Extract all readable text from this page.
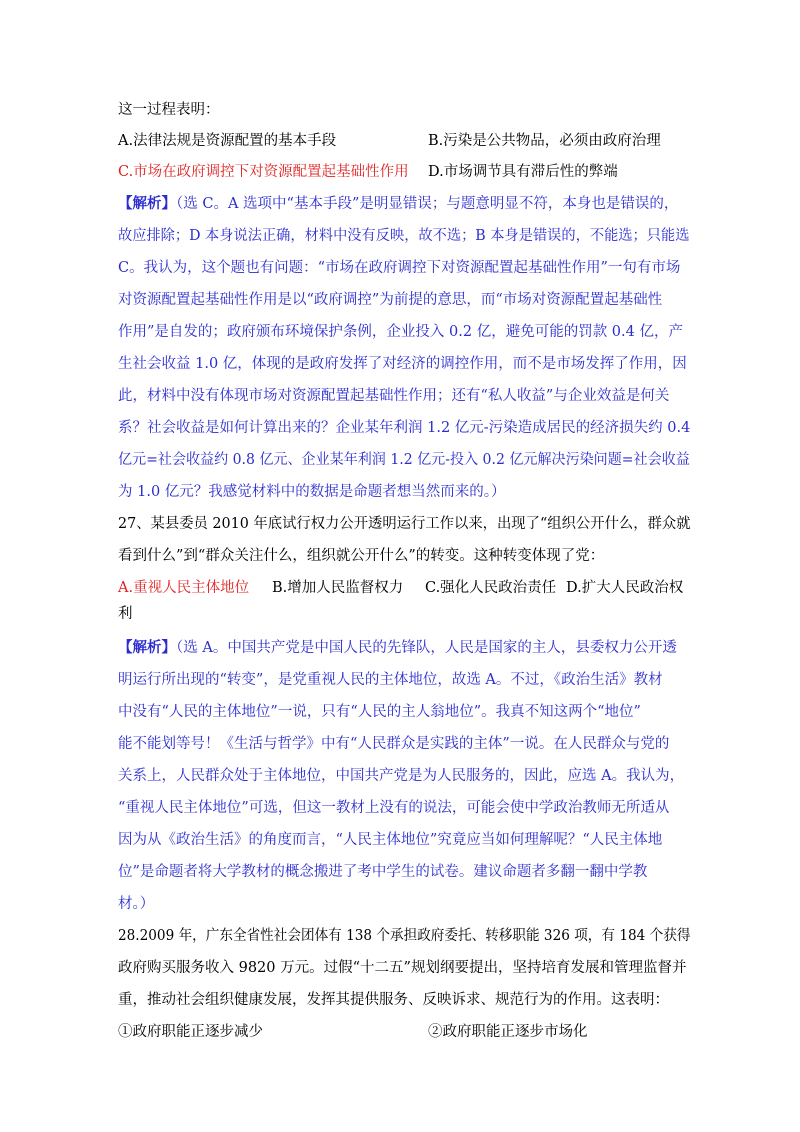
这一过程表明：
A.法律法规是资源配置的基本手段	B.污染是公共物品，必须由政府治理
C.市场在政府调控下对资源配置起基础性作用 D.市场调节具有滞后性的弊端
【解析】（选 C。A 选项中“基本手段”是明显错误；与题意明显不符，本身也是错误的，
故应排除；D 本身说法正确，材料中没有反映，故不选；B 本身是错误的，不能选；只能选
C。我认为，这个题也有问题：“市场在政府调控下对资源配置起基础性作用”一句有市场
对资源配置起基础性作用是以“政府调控”为前提的意思，而“市场对资源配置起基础性
作用”是自发的；政府颁布环境保护条例，企业投入 0.2 亿，避免可能的罚款 0.4 亿，产
生社会收益 1.0 亿，体现的是政府发挥了对经济的调控作用，而不是市场发挥了作用，因
此，材料中没有体现市场对资源配置起基础性作用；还有“私人收益”与企业效益是何关
系？社会收益是如何计算出来的？企业某年利润 1.2 亿元-污染造成居民的经济损失约 0.4
亿元=社会收益约 0.8 亿元、企业某年利润 1.2 亿元-投入 0.2 亿元解决污染问题=社会收益
为 1.0 亿元？我感觉材料中的数据是命题者想当然而来的。）
27、某县委员 2010 年底试行权力公开透明运行工作以来，出现了“组织公开什么，群众就
看到什么”到“群众关注什么，组织就公开什么”的转变。这种转变体现了党：
A.重视人民主体地位 B.增加人民监督权力 C.强化人民政治责任 D.扩大人民政治权
利
【解析】（选 A。中国共产党是中国人民的先锋队，人民是国家的主人，县委权力公开透
明运行所出现的“转变”，是党重视人民的主体地位，故选 A。不过，《政治生活》教材
中没有“人民的主体地位”一说，只有“人民的主人翁地位”。我真不知这两个“地位”
能不能划等号！《生活与哲学》中有“人民群众是实践的主体”一说。在人民群众与党的
关系上，人民群众处于主体地位，中国共产党是为人民服务的，因此，应选 A。我认为，
“重视人民主体地位”可选，但这一教材上没有的说法，可能会使中学政治教师无所适从
因为从《政治生活》的角度而言，“人民主体地位”究竟应当如何理解呢？“人民主体地
位”是命题者将大学教材的概念搬进了考中学生的试卷。建议命题者多翻一翻中学教
材。）
28.2009 年，广东全省性社会团体有 138 个承担政府委托、转移职能 326 项，有 184 个获得
政府购买服务收入 9820 万元。过假“十二五”规划纲要提出，坚持培育发展和管理监督并
重，推动社会组织健康发展，发挥其提供服务、反映诉求、规范行为的作用。这表明：
①政府职能正逐步减少	②政府职能正逐步市场化
